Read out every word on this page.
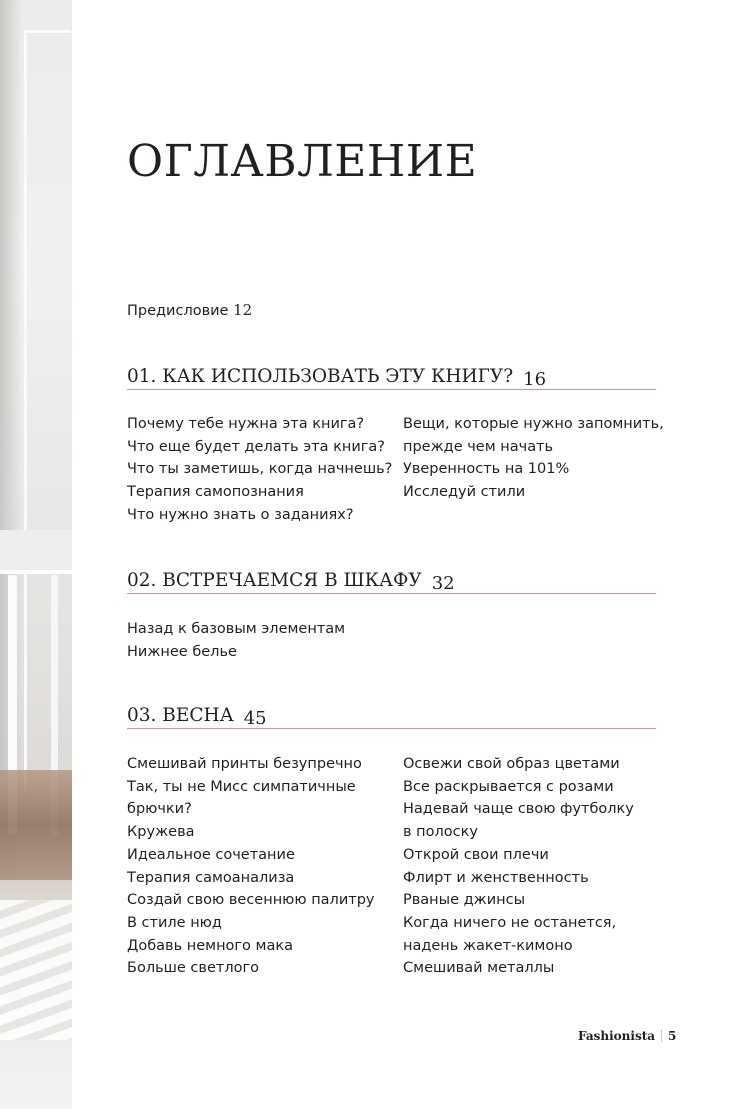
ОГЛАВЛЕНИЕ
Предисловие 12
01. КАК ИСПОЛЬЗОВАТЬ ЭТУ КНИГУ? 16
Почему тебе нужна эта книга?
Что еще будет делать эта книга?
Что ты заметишь, когда начнешь?
Терапия самопознания
Что нужно знать о заданиях?
Вещи, которые нужно запомнить,
прежде чем начать
Уверенность на 101%
Исследуй стили
02. ВСТРЕЧАЕМСЯ В ШКАФУ 32
Назад к базовым элементам
Нижнее белье
03. ВЕСНА 45
Смешивай принты безупречно
Так, ты не Мисс симпатичные
брючки?
Кружева
Идеальное сочетание
Терапия самоанализа
Создай свою весеннюю палитру
В стиле нюд
Добавь немного мака
Больше светлого
Освежи свой образ цветами
Все раскрывается с розами
Надевай чаще свою футболку
в полоску
Открой свои плечи
Флирт и женственность
Рваные джинсы
Когда ничего не останется,
надень жакет-кимоно
Смешивай металлы
Fashionista 5
